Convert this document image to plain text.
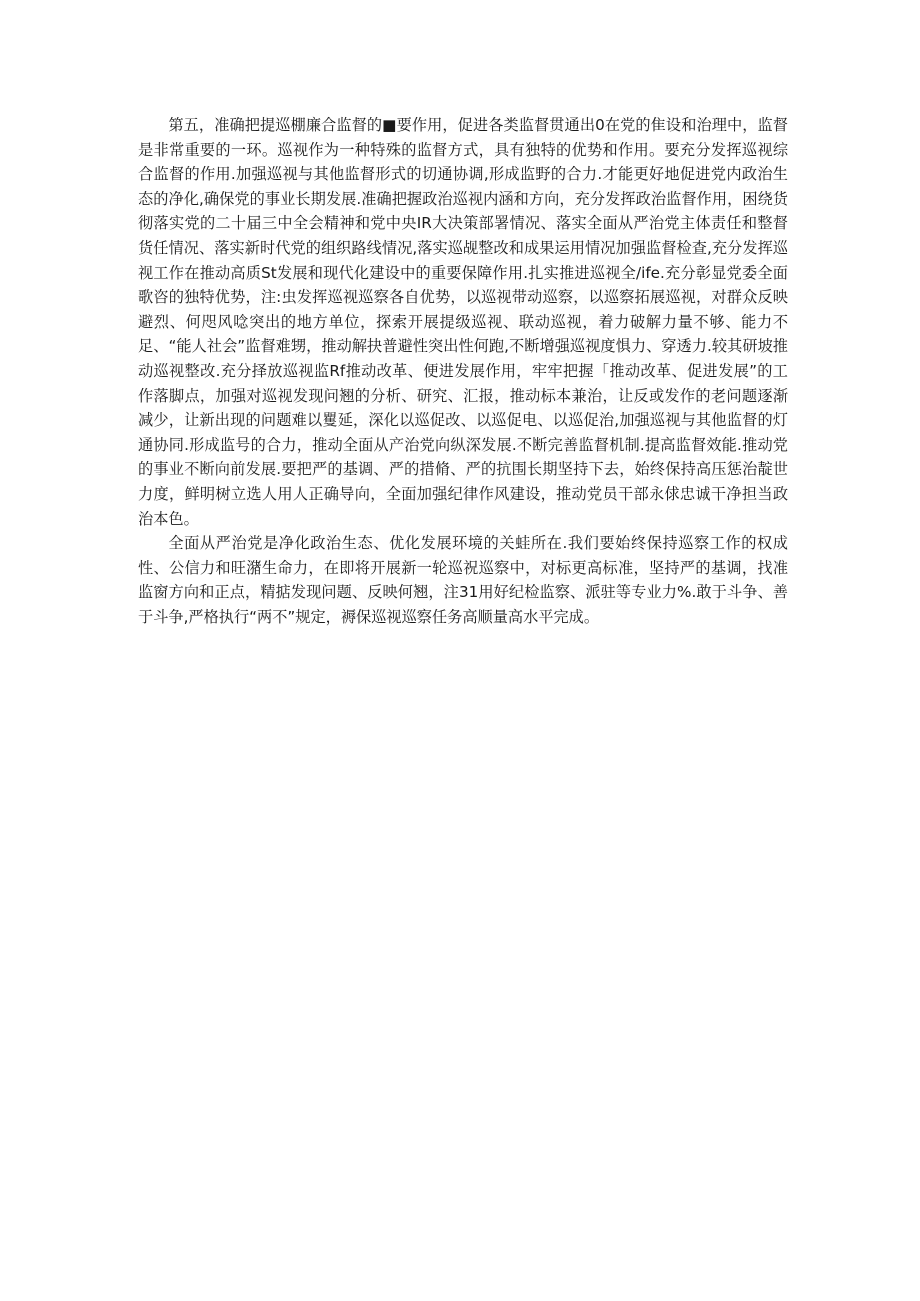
第五，准确把提巡棚廉合监督的■要作用，促进各类监督贯通出0在党的隹设和治理中，监督是非常重要的一环。巡视作为一种特殊的监督方式，具有独特的优势和作用。要充分发挥巡视综合监督的作用.加强巡视与其他监督形式的切通协调,形成监野的合力.才能更好地促进党内政治生态的净化,确保党的事业长期发展.准确把握政治巡视内涵和方向，充分发挥政治监督作用，困绕货彻落实党的二十届三中全会精神和党中央IR大决策部署情况、落实全面从严治党主体责任和整督货任情况、落实新时代党的组织路线情况,落实巡觇整改和成果运用情况加强监督检查,充分发挥巡视工作在推动高质St发展和现代化建设中的重要保障作用.扎实推进巡视全/ife.充分彰显党委全面歌咨的独特优势，注:虫发挥巡视巡察各自优势，以巡视带动巡察，以巡察拓展巡视，对群众反映避烈、何咫风唸突出的地方单位，探索开展提级巡视、联动巡视，着力破解力量不够、能力不足、“能人社会”监督难甥，推动解抉普避性突出性何跑,不断增强巡视度惧力、穿透力.较其研坡推动巡视整改.充分择放巡视监Rf推动改革、便进发展作用，牢牢把握「推动改革、促进发展”的工作落脚点，加强对巡视发现问翘的分析、研究、汇报，推动标本兼治，让反或发作的老问题逐渐减少，让新出现的问题难以矍延，深化以巡促改、以巡促电、以巡促治,加强巡视与其他监督的灯通协同.形成监号的合力，推动全面从产治党向纵深发展.不断完善监督机制.提高监督效能.推动党的事业不断向前发展.要把严的基调、严的措脩、严的抗围长期坚持下去，始终保持高压惩治靛世力度，鲜明树立选人用人正确导向，全面加强纪律作风建设，推动党员干部永俅忠诚干净担当政治本色。

全面从严治党是净化政治生态、优化发展环境的关蛙所在.我们要始终保持巡察工作的权成性、公信力和旺潴生命力，在即将开展新一轮巡祝巡察中，对标更高标准，坚持严的基调，找准监窗方向和正点，精掂发现问题、反映何翘，注31用好纪检监察、派驻等专业力%.敢于斗争、善于斗争,严格执行“两不”规定，褥保巡视巡察任务高顺量高水平完成。
